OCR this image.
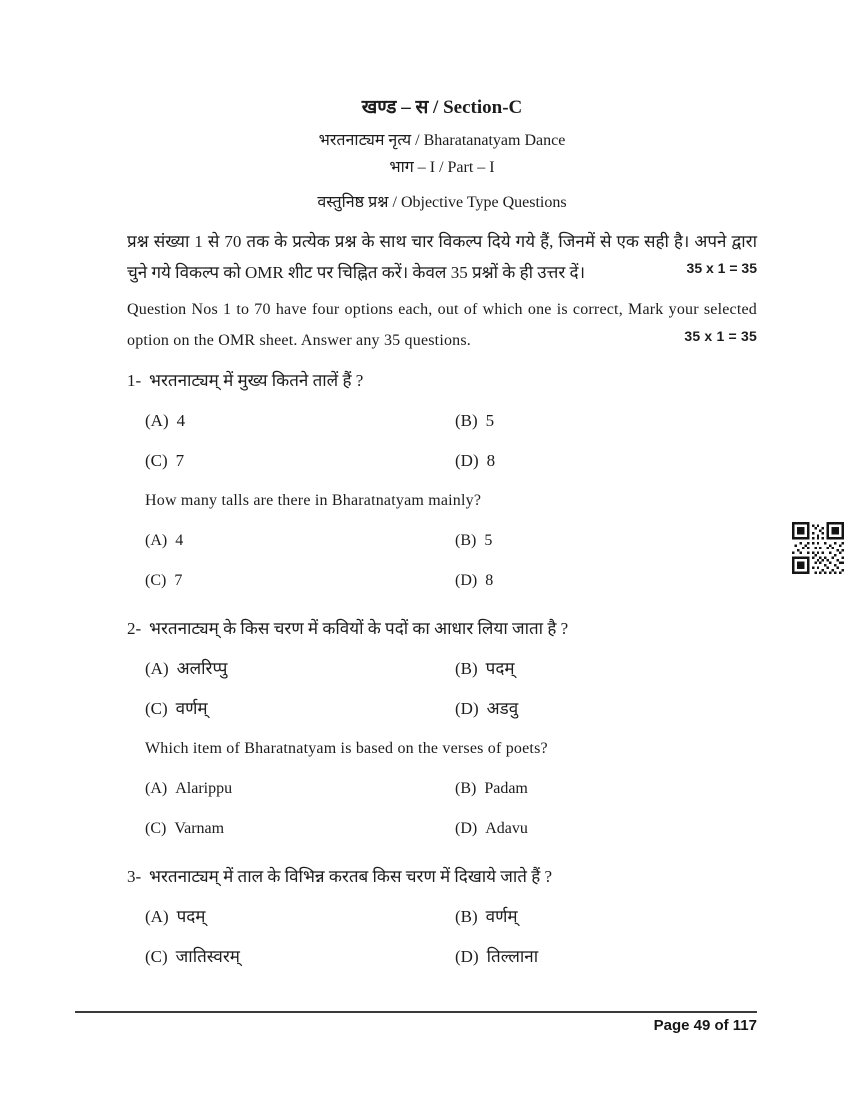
खण्ड – स / Section-C
भरतनाट्यम नृत्य / Bharatanatyam Dance
भाग – I / Part – I
वस्तुनिष्ठ प्रश्न / Objective Type Questions
प्रश्न संख्या 1 से 70 तक के प्रत्येक प्रश्न के साथ चार विकल्प दिये गये हैं, जिनमें से एक सही है। अपने द्वारा चुने गये विकल्प को OMR शीट पर चिह्नित करें। केवल 35 प्रश्नों के ही उत्तर दें।	35 x 1 = 35
Question Nos 1 to 70 have four options each, out of which one is correct, Mark your selected option on the OMR sheet. Answer any 35 questions.	35 x 1 = 35
1- भरतनाट्यम् में मुख्य कितने तालें हैं ?
(A) 4	(B) 5
(C) 7	(D) 8
How many talls are there in Bharatnatyam mainly?
(A) 4	(B) 5
(C) 7	(D) 8
2- भरतनाट्यम् के किस चरण में कवियों के पदों का आधार लिया जाता है ?
(A) अलरिप्पु	(B) पदम्
(C) वर्णम्	(D) अडवु
Which item of Bharatnatyam is based on the verses of poets?
(A) Alarippu	(B) Padam
(C) Varnam	(D) Adavu
3- भरतनाट्यम् में ताल के विभिन्न करतब किस चरण में दिखाये जाते हैं ?
(A) पदम्	(B) वर्णम्
(C) जातिस्वरम्	(D) तिल्लाना
Page 49 of 117
